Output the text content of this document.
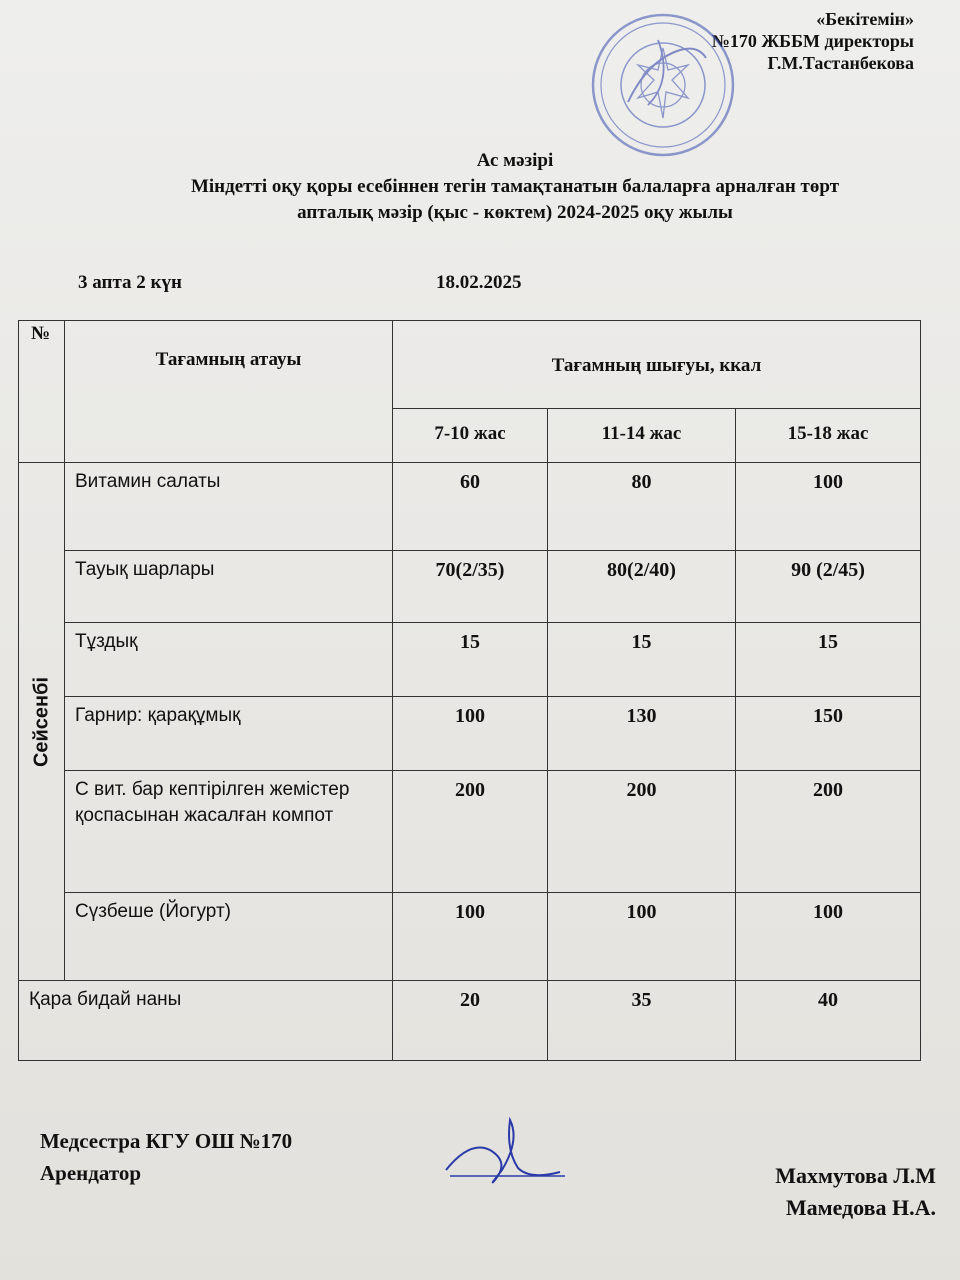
«Бекітемін»
№170 ЖББМ директоры
Г.М.Тастанбекова
Ас мәзірі
Міндетті оқу қоры есебіннен тегін тамақтанатын балаларға арналған төрт
апталық мәзір (қыс - көктем) 2024-2025 оқу жылы
3 апта 2 күн	18.02.2025
№	Тағамның атауы	Тағамның шығуы, ккал		
		7-10 жас	11-14 жас	15-18 жас

Сейсенбі	Витамин салаты	60	80	100
	Тауық шарлары	70(2/35)	80(2/40)	90 (2/45)
	Тұздық	15	15	15
	Гарнир: қарақұмық	100	130	150
	С вит. бар кептірілген жемістер қоспасынан жасалған компот	200	200	200
	Сүзбеше (Йогурт)	100	100	100
Қара бидай наны		20	35	40
Медсестра КГУ ОШ №170
Арендатор	Махмутова Л.М
Мамедова Н.А.
